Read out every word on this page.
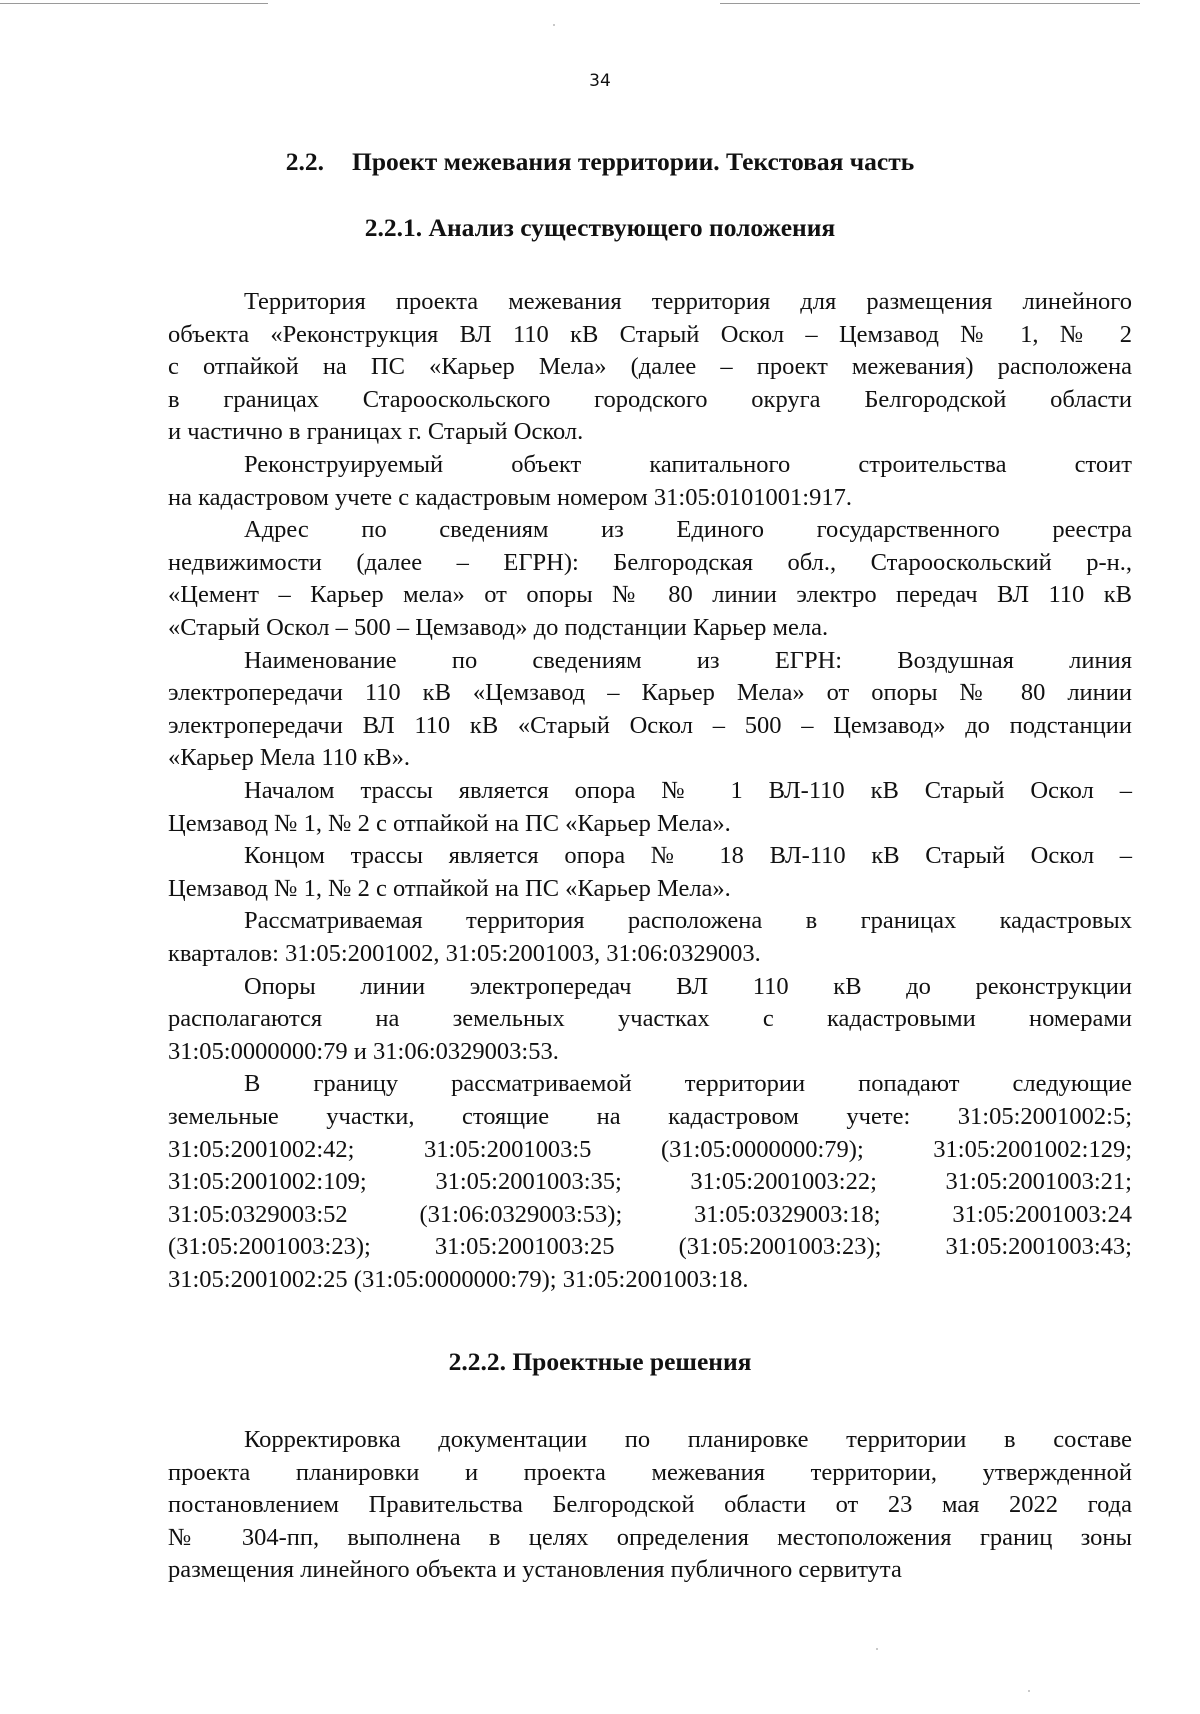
34
2.2. Проект межевания территории. Текстовая часть
2.2.1. Анализ существующего положения
Территория проекта межевания территория для размещения линейного
объекта «Реконструкция ВЛ 110 кВ Старый Оскол – Цемзавод № 1, № 2
с отпайкой на ПС «Карьер Мела» (далее – проект межевания) расположена
в границах Старооскольского городского округа Белгородской области
и частично в границах г. Старый Оскол.
Реконструируемый объект капитального строительства стоит
на кадастровом учете с кадастровым номером 31:05:0101001:917.
Адрес по сведениям из Единого государственного реестра
недвижимости (далее – ЕГРН): Белгородская обл., Старооскольский р-н.,
«Цемент – Карьер мела» от опоры № 80 линии электро передач ВЛ 110 кВ
«Старый Оскол – 500 – Цемзавод» до подстанции Карьер мела.
Наименование по сведениям из ЕГРН: Воздушная линия
электропередачи 110 кВ «Цемзавод – Карьер Мела» от опоры № 80 линии
электропередачи ВЛ 110 кВ «Старый Оскол – 500 – Цемзавод» до подстанции
«Карьер Мела 110 кВ».
Началом трассы является опора № 1 ВЛ-110 кВ Старый Оскол –
Цемзавод № 1, № 2 с отпайкой на ПС «Карьер Мела».
Концом трассы является опора № 18 ВЛ-110 кВ Старый Оскол –
Цемзавод № 1, № 2 с отпайкой на ПС «Карьер Мела».
Рассматриваемая территория расположена в границах кадастровых
кварталов: 31:05:2001002, 31:05:2001003, 31:06:0329003.
Опоры линии электропередач ВЛ 110 кВ до реконструкции
располагаются на земельных участках с кадастровыми номерами
31:05:0000000:79 и 31:06:0329003:53.
В границу рассматриваемой территории попадают следующие
земельные участки, стоящие на кадастровом учете: 31:05:2001002:5;
31:05:2001002:42; 31:05:2001003:5 (31:05:0000000:79); 31:05:2001002:129;
31:05:2001002:109; 31:05:2001003:35; 31:05:2001003:22; 31:05:2001003:21;
31:05:0329003:52 (31:06:0329003:53); 31:05:0329003:18; 31:05:2001003:24
(31:05:2001003:23); 31:05:2001003:25 (31:05:2001003:23); 31:05:2001003:43;
31:05:2001002:25 (31:05:0000000:79); 31:05:2001003:18.
2.2.2. Проектные решения
Корректировка документации по планировке территории в составе
проекта планировки и проекта межевания территории, утвержденной
постановлением Правительства Белгородской области от 23 мая 2022 года
№ 304-пп, выполнена в целях определения местоположения границ зоны
размещения линейного объекта и установления публичного сервитута
